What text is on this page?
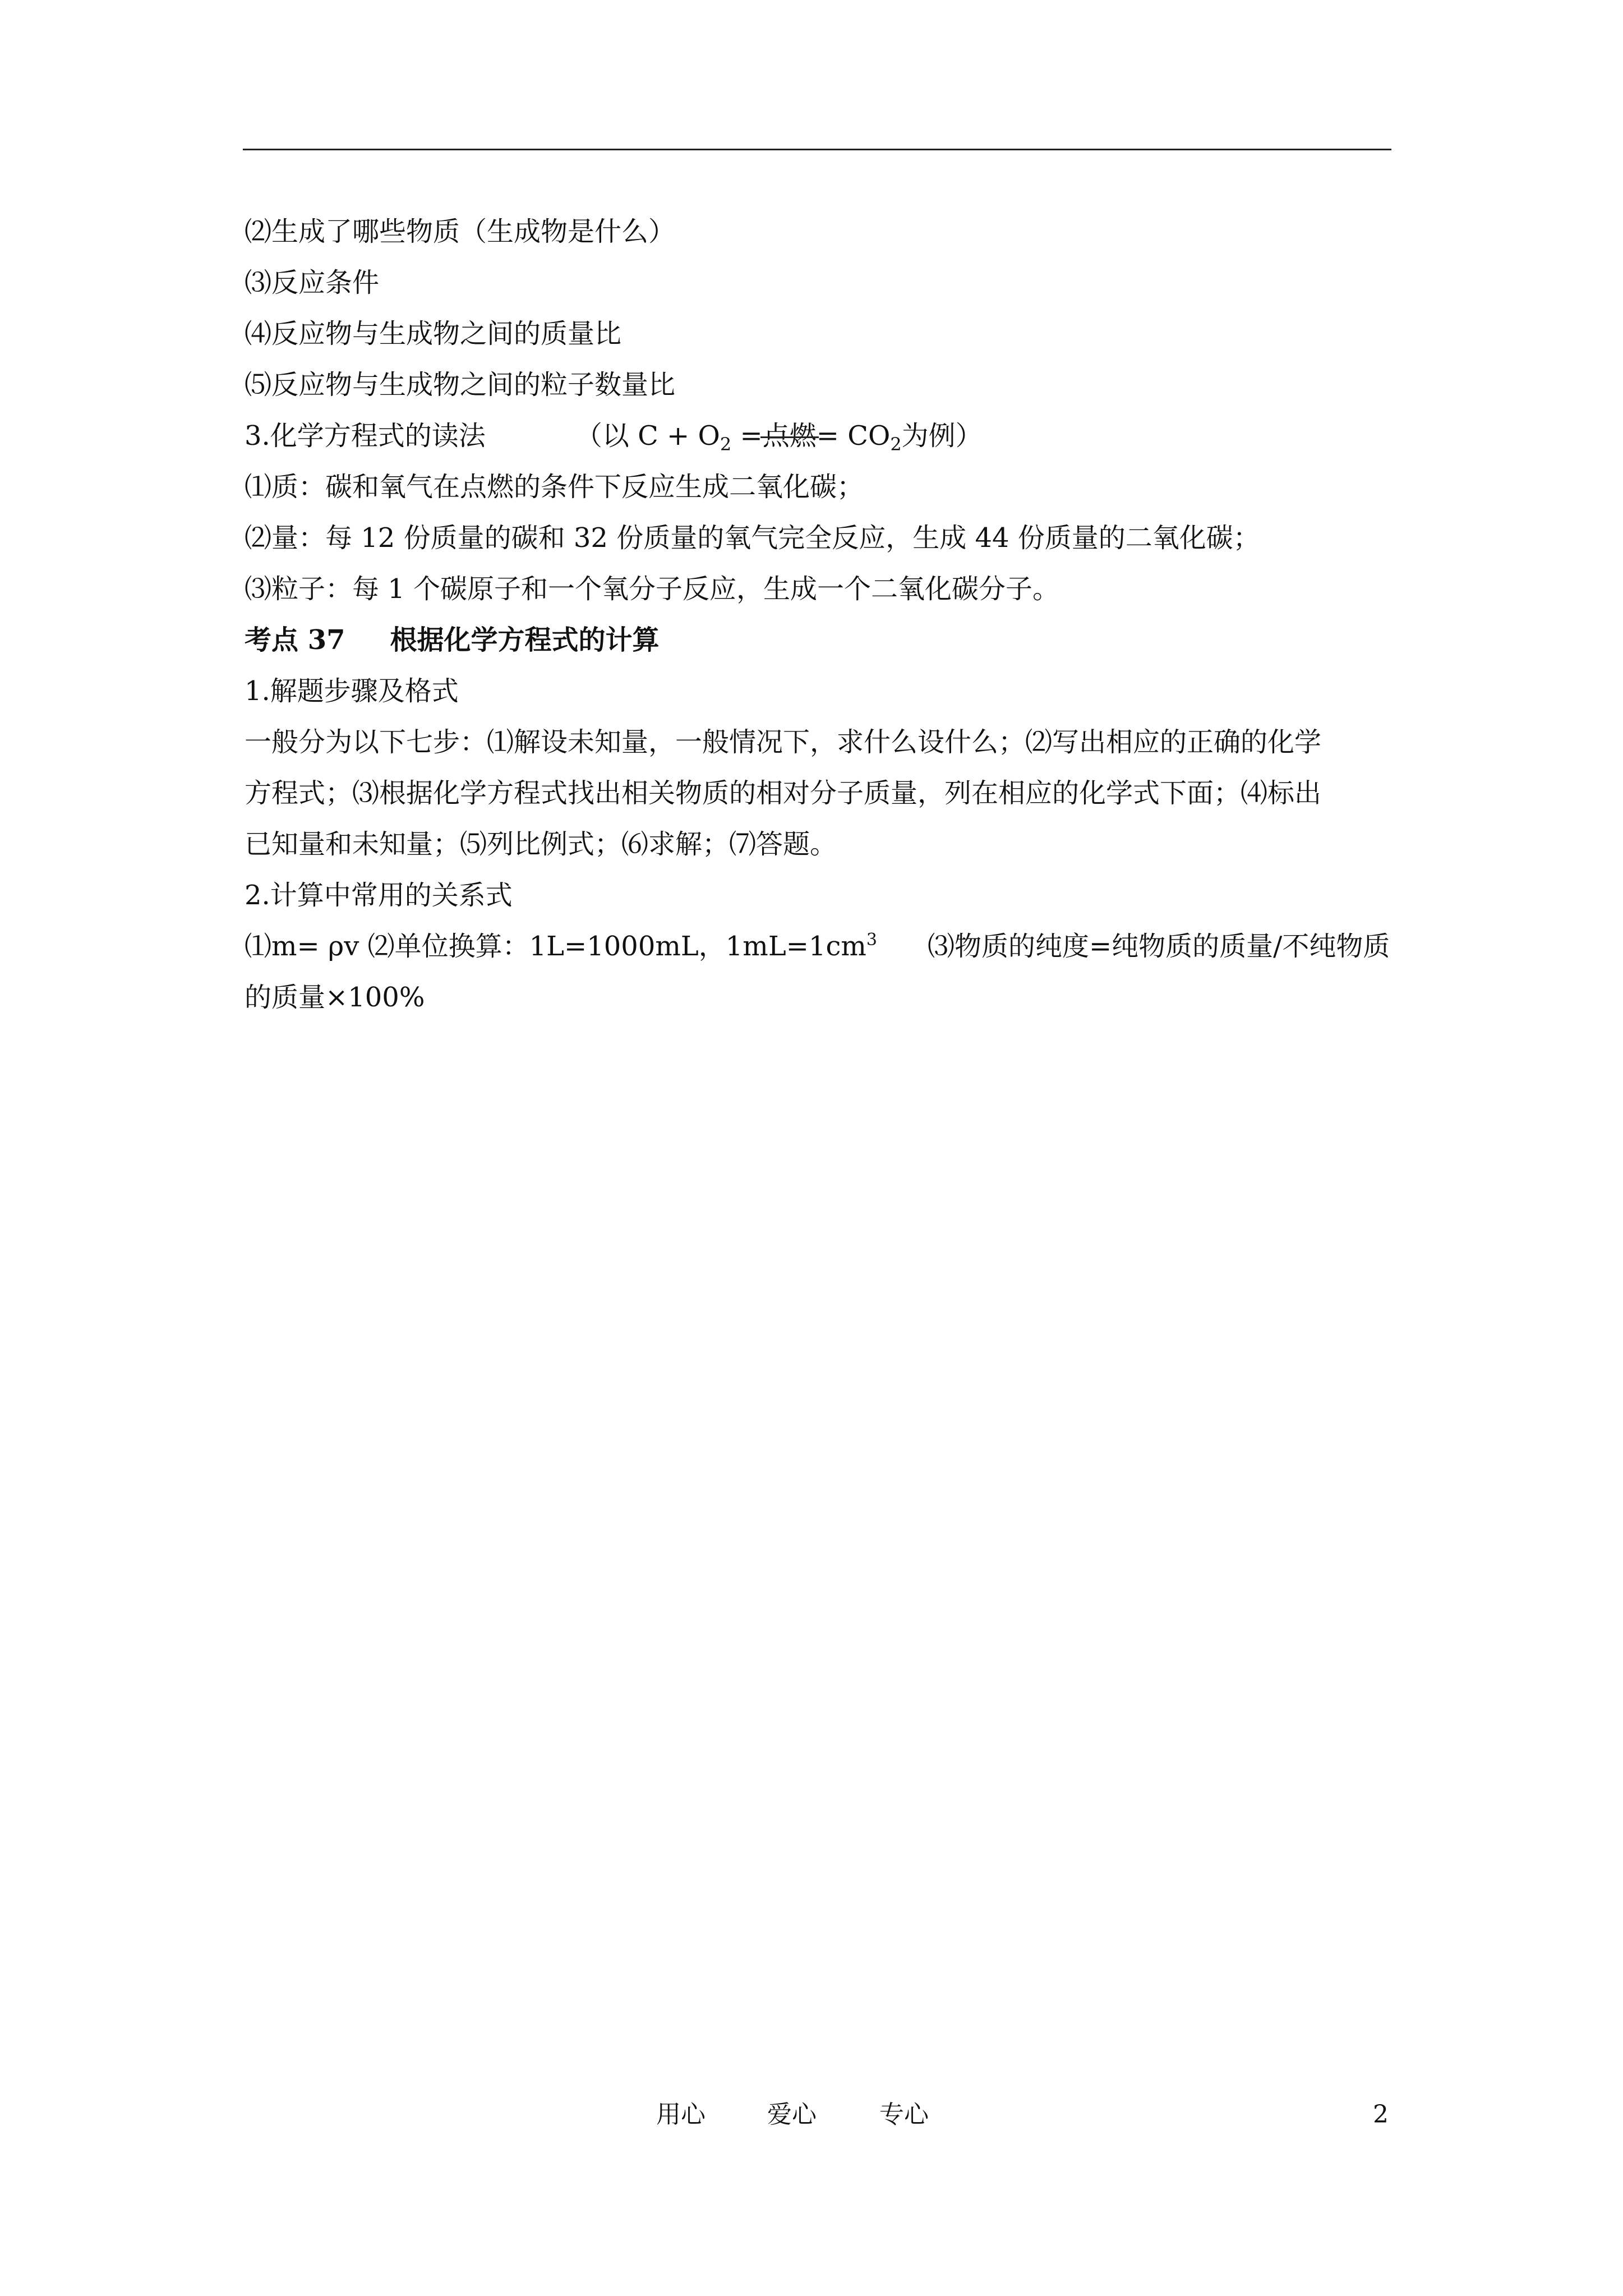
⑵生成了哪些物质（生成物是什么）
⑶反应条件
⑷反应物与生成物之间的质量比
⑸反应物与生成物之间的粒子数量比
3.化学方程式的读法	（以 $C + O_2$ =点燃= $CO_2$为例）
⑴质：碳和氧气在点燃的条件下反应生成二氧化碳；
⑵量：每 12 份质量的碳和 32 份质量的氧气完全反应，生成 44 份质量的二氧化碳；
⑶粒子：每 1 个碳原子和一个氧分子反应，生成一个二氧化碳分子。
考点 37 根据化学方程式的计算
1.解题步骤及格式
一般分为以下七步：⑴解设未知量，一般情况下，求什么设什么；⑵写出相应的正确的化学
方程式；⑶根据化学方程式找出相关物质的相对分子质量，列在相应的化学式下面；⑷标出
已知量和未知量；⑸列比例式；⑹求解；⑺答题。
2.计算中常用的关系式
⑴m= ρv ⑵单位换算：1L=1000mL，$1mL=1cm^3$ ⑶物质的纯度=纯物质的质量/不纯物质
的质量×100%
用心	爱心	专心	2
